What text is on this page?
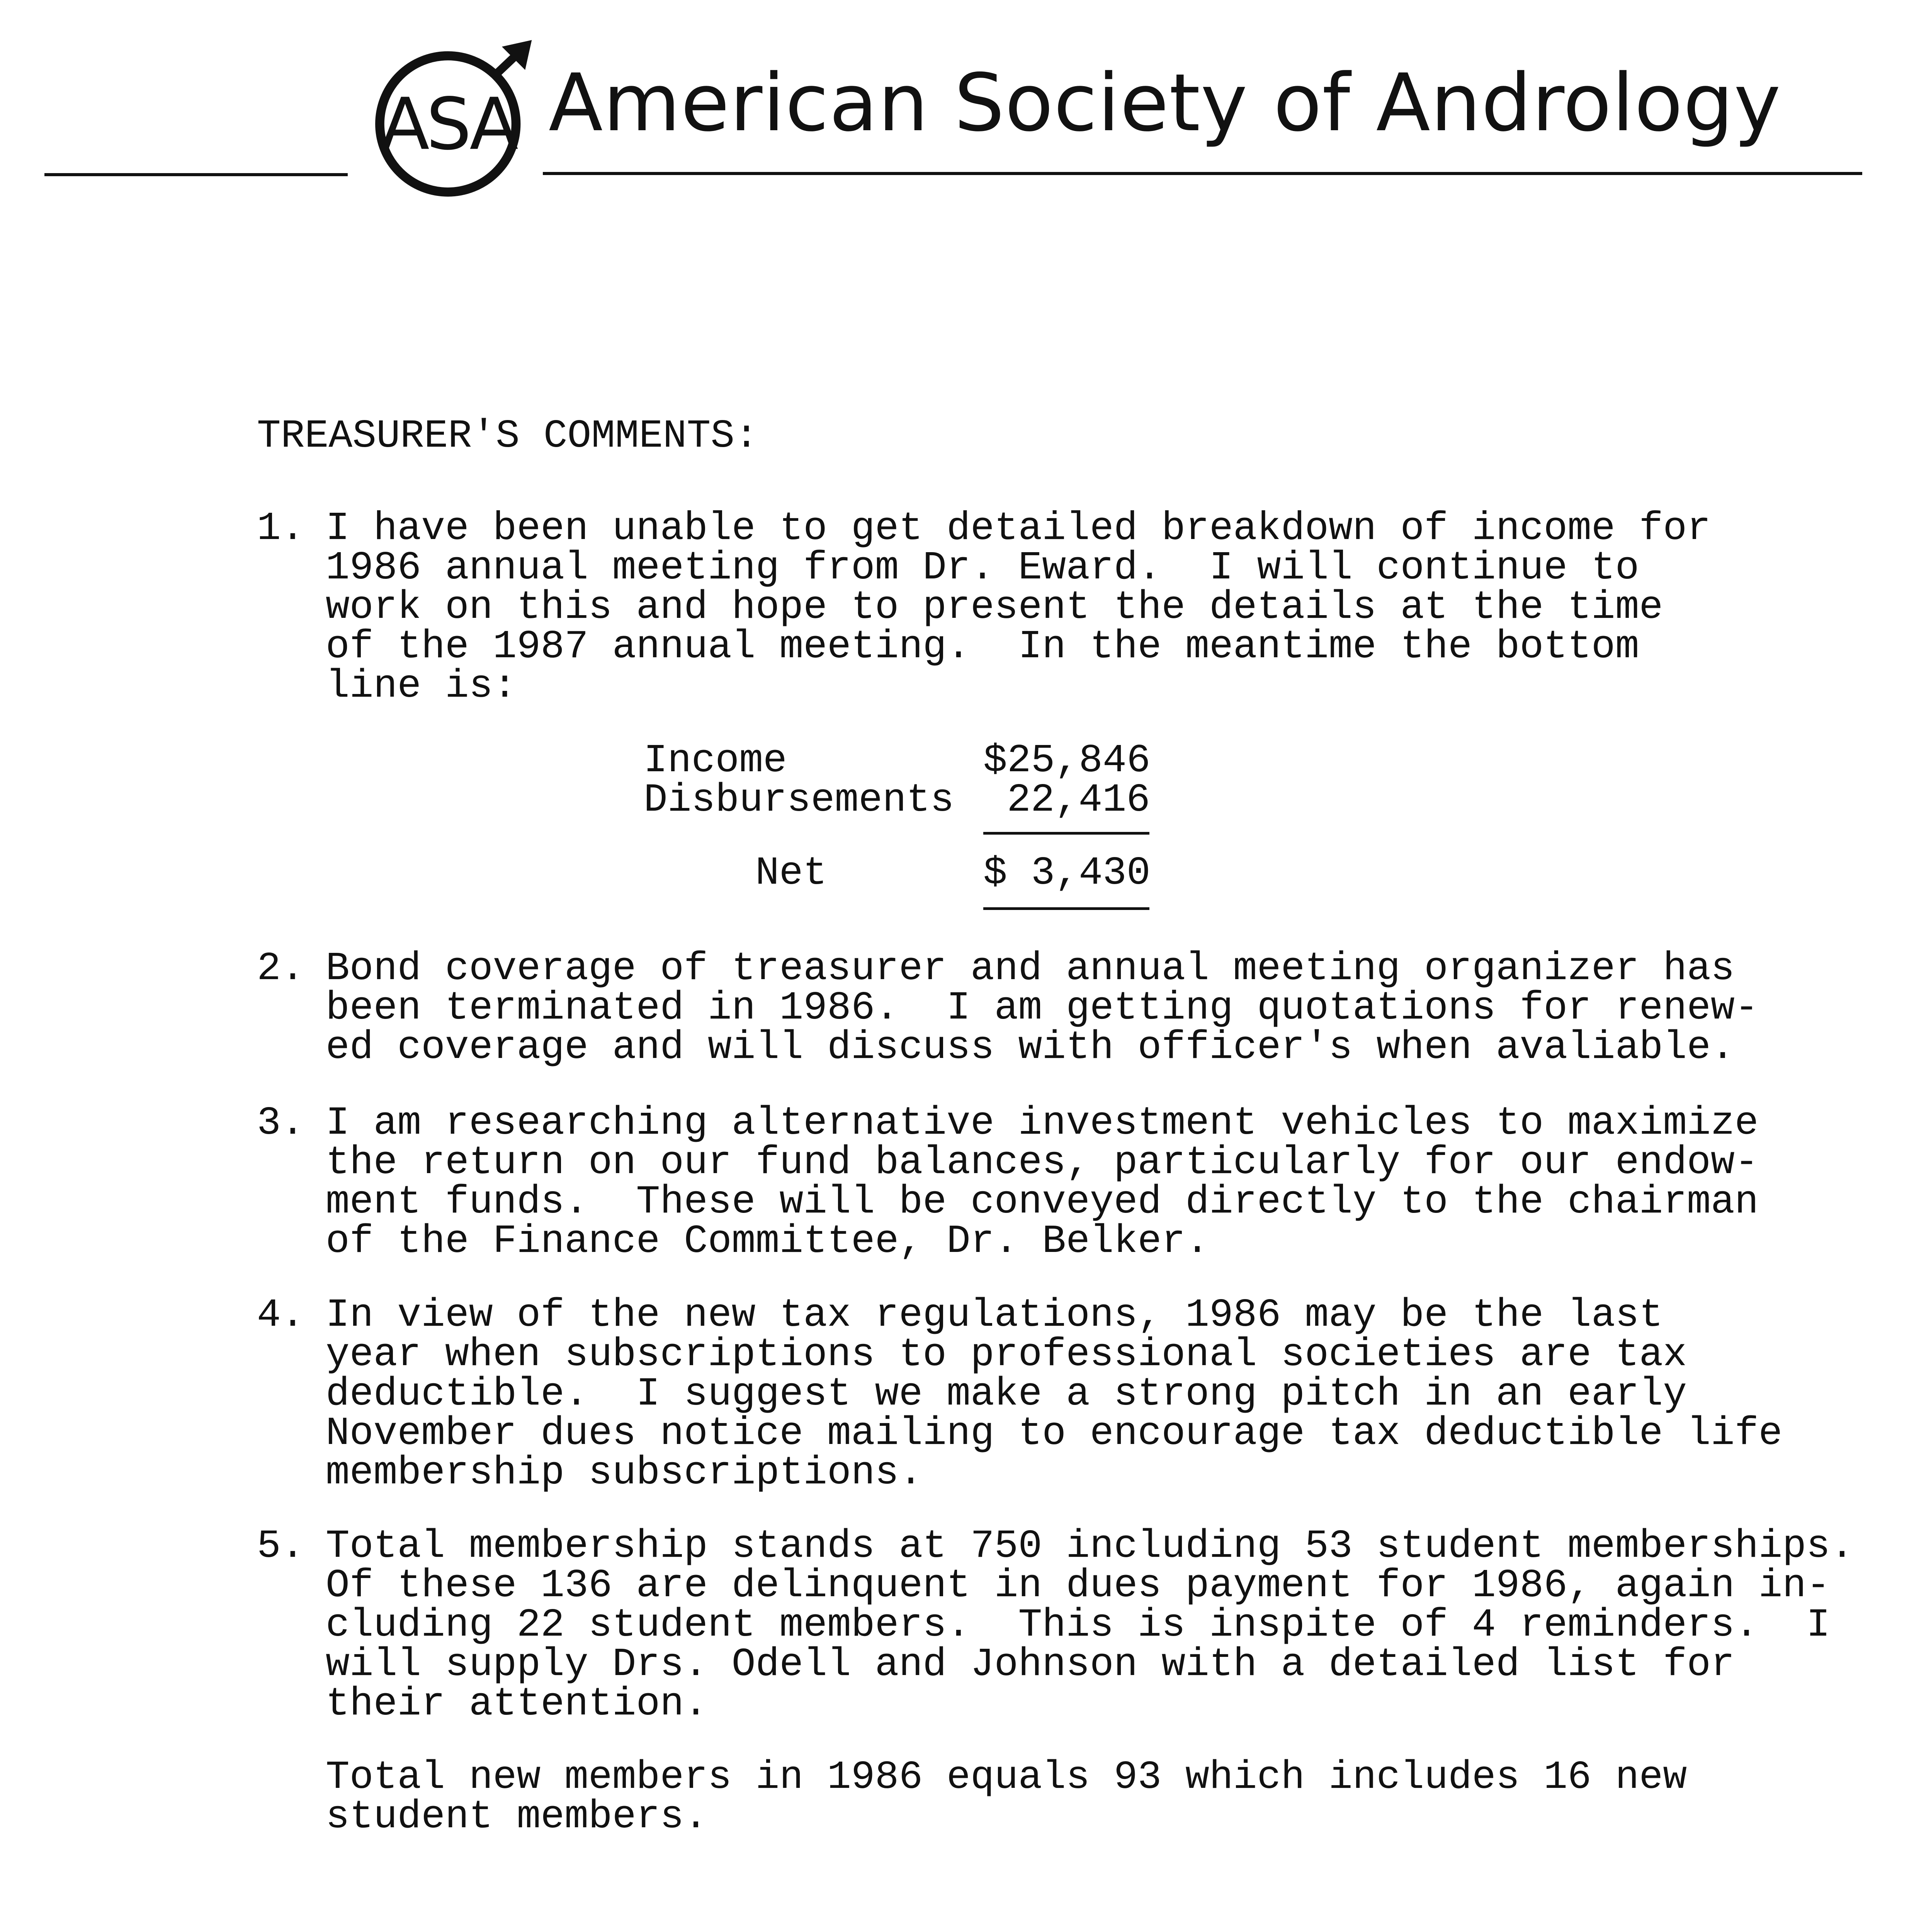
ASA American Society of Andrology
TREASURER'S COMMENTS:
1. I have been unable to get detailed breakdown of income for
1986 annual meeting from Dr. Eward.  I will continue to
work on this and hope to present the details at the time
of the 1987 annual meeting.  In the meantime the bottom
line is:
Income	$25,846
Disbursements	22,416
Net	$ 3,430
2. Bond coverage of treasurer and annual meeting organizer has
been terminated in 1986.  I am getting quotations for renew-
ed coverage and will discuss with officer's when avaliable.
3. I am researching alternative investment vehicles to maximize
the return on our fund balances, particularly for our endow-
ment funds.  These will be conveyed directly to the chairman
of the Finance Committee, Dr. Belker.
4. In view of the new tax regulations, 1986 may be the last
year when subscriptions to professional societies are tax
deductible.  I suggest we make a strong pitch in an early
November dues notice mailing to encourage tax deductible life
membership subscriptions.
5. Total membership stands at 750 including 53 student memberships.
Of these 136 are delinquent in dues payment for 1986, again in-
cluding 22 student members.  This is inspite of 4 reminders.  I
will supply Drs. Odell and Johnson with a detailed list for
their attention.
Total new members in 1986 equals 93 which includes 16 new
student members.
